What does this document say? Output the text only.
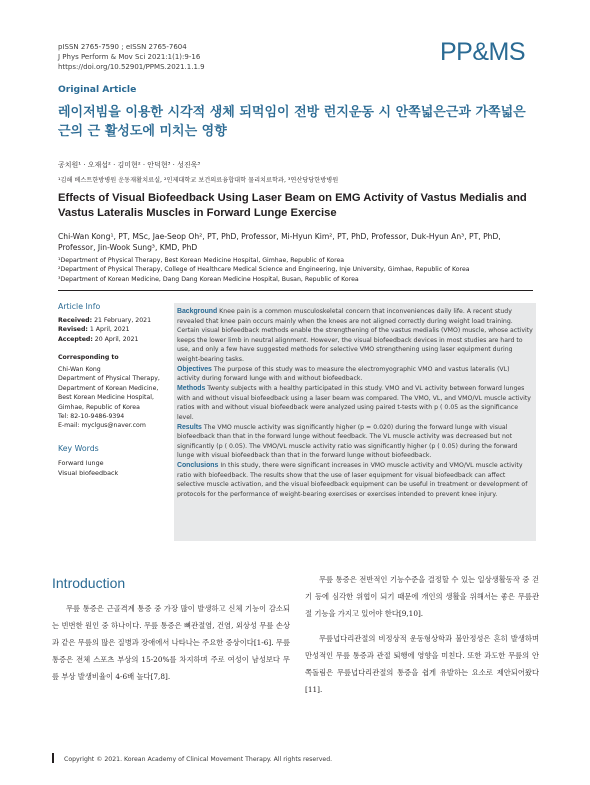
pISSN 2765-7590 ; eISSN 2765-7604
J Phys Perform & Mov Sci 2021:1(1):9-16
https://doi.org/10.52901/PPMS.2021.1.1.9
PP&MS
Original Article
레이저빔을 이용한 시각적 생체 되먹임이 전방 런지운동 시 안쪽넓은근과 가쪽넓은근의 근 활성도에 미치는 영향
공치원¹ · 오재섭² · 김미현² · 안덕현³ · 성진욱³
¹김해 베스트한방병원 운동재활치료실, ²인제대학교 보건의료융합대학 물리치료학과, ³연산당당한방병원
Effects of Visual Biofeedback Using Laser Beam on EMG Activity of Vastus Medialis and Vastus Lateralis Muscles in Forward Lunge Exercise
Chi-Wan Kong¹, PT, MSc, Jae-Seop Oh², PT, PhD, Professor, Mi-Hyun Kim², PT, PhD, Professor, Duk-Hyun An³, PT, PhD, Professor, Jin-Wook Sung³, KMD, PhD
¹Department of Physical Therapy, Best Korean Medicine Hospital, Gimhae, Republic of Korea
²Department of Physical Therapy, College of Healthcare Medical Science and Engineering, Inje University, Gimhae, Republic of Korea
³Department of Korean Medicine, Dang Dang Korean Medicine Hospital, Busan, Republic of Korea
Article Info
Received: 21 February, 2021
Revised: 1 April, 2021
Accepted: 20 April, 2021
Corresponding to
Chi-Wan Kong
Department of Physical Therapy,
Department of Korean Medicine,
Best Korean Medicine Hospital,
Gimhae, Republic of Korea
Tel: 82-10-9486-9394
E-mail: myclgus@naver.com
Key Words
Forward lunge
Visual biofeedback

Background Knee pain is a common musculoskeletal concern that inconveniences daily life. A recent study revealed that knee pain occurs mainly when the knees are not aligned correctly during weight load training. Certain visual biofeedback methods enable the strengthening of the vastus medialis (VMO) muscle, whose activity keeps the lower limb in neutral alignment. However, the visual biofeedback devices in most studies are hard to use, and only a few have suggested methods for selective VMO strengthening using laser equipment during weight-bearing tasks.

Objectives The purpose of this study was to measure the electromyographic VMO and vastus lateralis (VL) activity during forward lunge with and without biofeedback.

Methods Twenty subjects with a healthy participated in this study. VMO and VL activity between forward lunges with and without visual biofeedback using a laser beam was compared. The VMO, VL, and VMO/VL muscle activity ratios with and without visual biofeedback were analyzed using paired t-tests with p ( 0.05 as the significance level.

Results The VMO muscle activity was significantly higher (p = 0.020) during the forward lunge with visual biofeedback than that in the forward lunge without feedback. The VL muscle activity was decreased but not significantly (p ( 0.05). The VMO/VL muscle activity ratio was significantly higher (p ( 0.05) during the forward lunge with visual biofeedback than that in the forward lunge without biofeedback.

Conclusions In this study, there were significant increases in VMO muscle activity and VMO/VL muscle activity ratio with biofeedback. The results show that the use of laser equipment for visual biofeedback can affect selective muscle activation, and the visual biofeedback equipment can be useful in treatment or development of protocols for the performance of weight-bearing exercises or exercises intended to prevent knee injury.

Introduction

무릎 통증은 근골격계 통증 중 가장 많이 발생하고 신체 기능이 감소되는 빈번한 원인 중 하나이다. 무릎 통증은 뼈관절염, 건염, 외상성 무릎 손상과 같은 무릎의 많은 질병과 장애에서 나타나는 주요한 증상이다[1-6]. 무릎 통증은 전체 스포츠 부상의 15-20%를 차지하며 주로 여성이 남성보다 무릎 부상 발생비율이 4-6배 높다[7,8].

무릎 통증은 전반적인 기능수준을 결정할 수 있는 일상생활동작 중 걷기 등에 심각한 위협이 되기 때문에 개인의 생활을 위해서는 좋은 무릎관절 기능을 가지고 있어야 한다[9,10].

무릎넙다리관절의 비정상적 운동형상학과 불안정성은 흔히 발생하며 만성적인 무릎 통증과 관절 퇴행에 영향을 미친다. 또한 과도한 무릎의 안쪽돌림은 무릎넙다리관절의 통증을 쉽게 유발하는 요소로 제안되어왔다[11].

Copyright © 2021. Korean Academy of Clinical Movement Therapy. All rights reserved.
